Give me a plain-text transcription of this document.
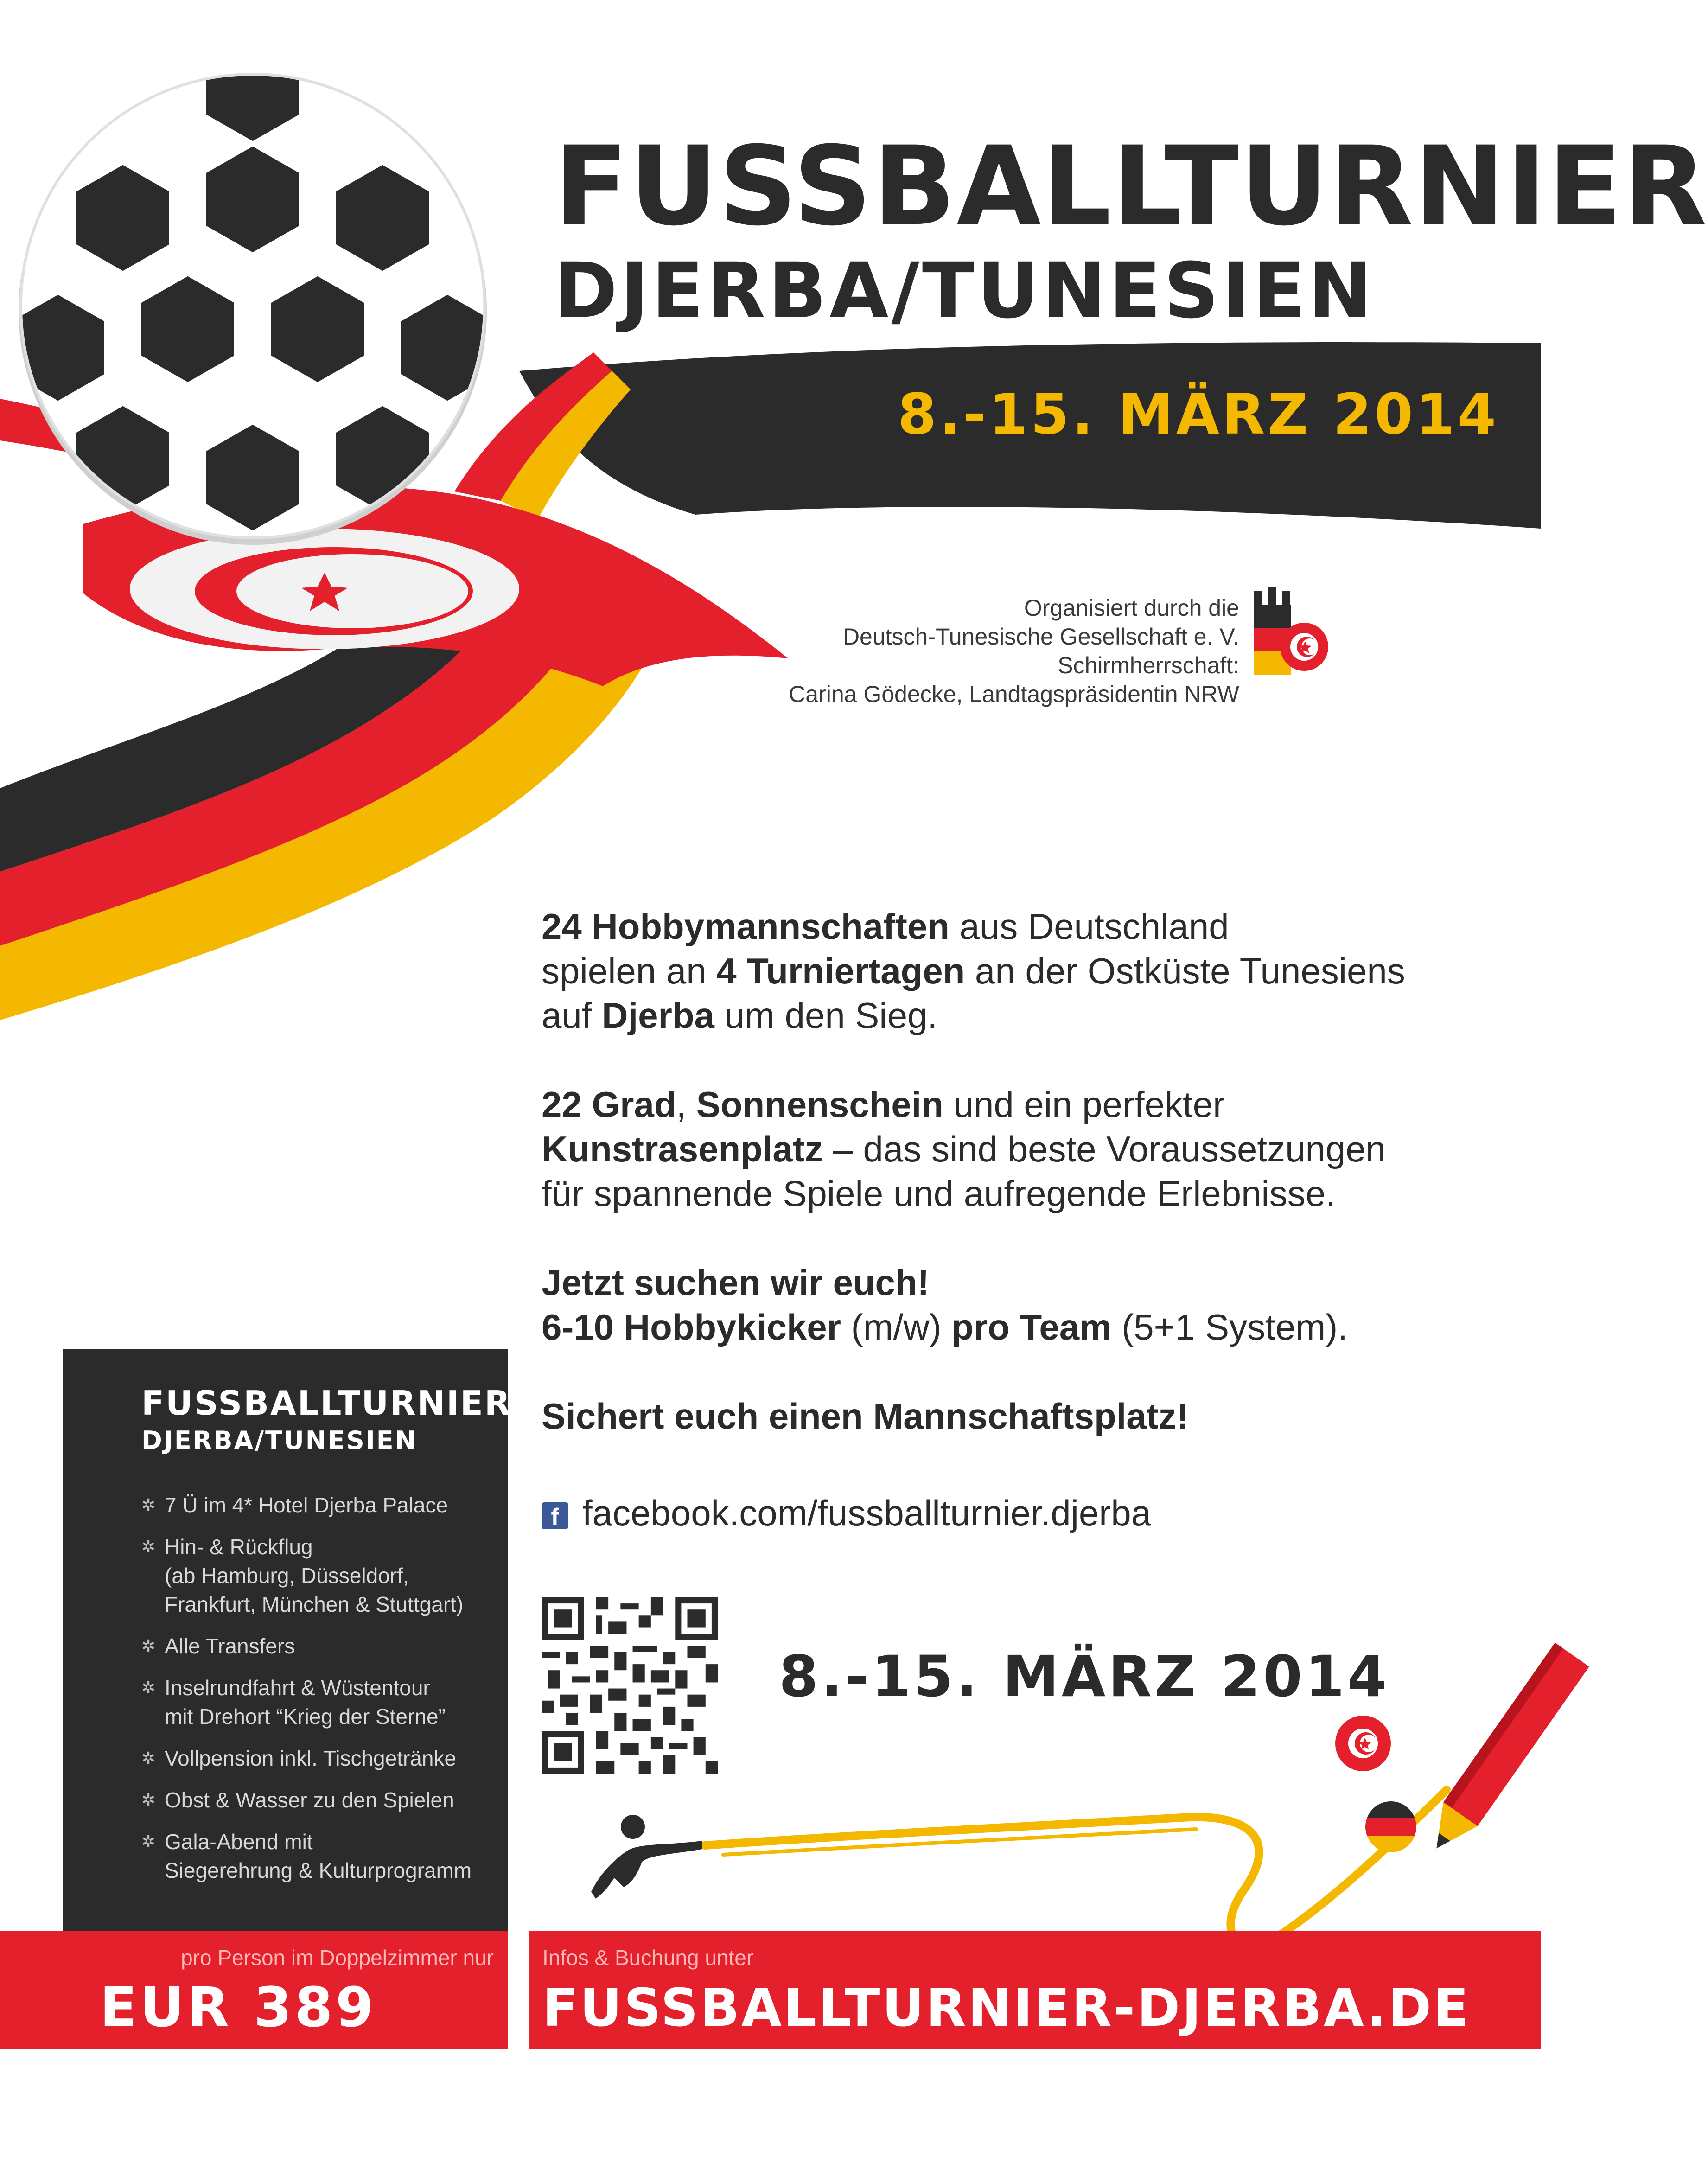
FUSSBALLTURNIER
DJERBA/TUNESIEN
8.-15. MÄRZ 2014
Organisiert durch die
Deutsch-Tunesische Gesellschaft e. V.
Schirmherrschaft:
Carina Gödecke, Landtagspräsidentin NRW

24 Hobbymannschaften aus Deutschland
spielen an 4 Turniertagen an der Ostküste Tunesiens
auf Djerba um den Sieg.

22 Grad, Sonnenschein und ein perfekter
Kunstrasenplatz – das sind beste Voraussetzungen
für spannende Spiele und aufregende Erlebnisse.

Jetzt suchen wir euch!
6-10 Hobbykicker (m/w) pro Team (5+1 System).

Sichert euch einen Mannschaftsplatz!

f facebook.com/fussballturnier.djerba
8.-15. MÄRZ 2014
FUSSBALLTURNIER
DJERBA/TUNESIEN
✲ 7 Ü im 4* Hotel Djerba Palace
✲ Hin- & Rückflug
(ab Hamburg, Düsseldorf,
Frankfurt, München & Stuttgart)
✲ Alle Transfers
✲ Inselrundfahrt & Wüstentour
mit Drehort “Krieg der Sterne”
✲ Vollpension inkl. Tischgetränke
✲ Obst & Wasser zu den Spielen
✲ Gala-Abend mit
Siegerehrung & Kulturprogramm
pro Person im Doppelzimmer nur
EUR 389
Infos & Buchung unter
FUSSBALLTURNIER-DJERBA.DE
